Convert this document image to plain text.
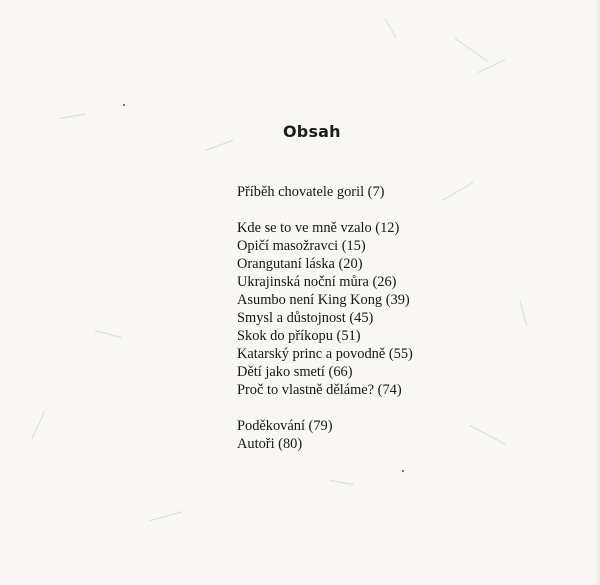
Obsah
Příběh chovatele goril ( 7 )
Kde se to ve mně vzalo ( 12 )
Opičí masožravci ( 15 )
Orangutaní láska ( 20 )
Ukrajinská noční můra ( 26 )
Asumbo není King Kong ( 39 )
Smysl a důstojnost ( 45 )
Skok do příkopu ( 51 )
Katarský princ a povodně ( 55 )
Dětí jako smetí ( 66 )
Proč to vlastně děláme? ( 74 )
Poděkování ( 79 )
Autoři ( 80 )
